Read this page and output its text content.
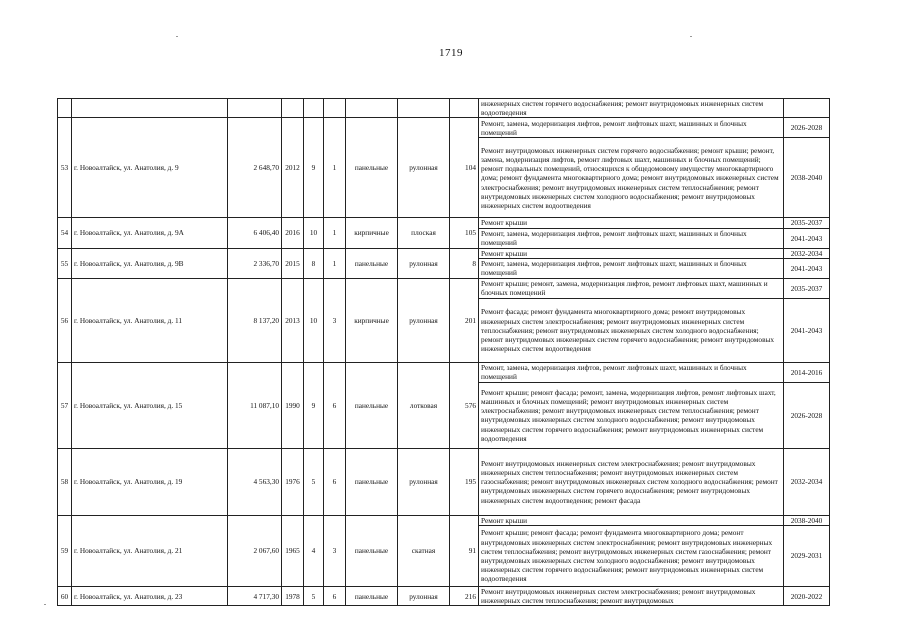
1719
									инженерных систем горячего водоснабжения; ремонт внутридомовых инженерных систем водоотведения	
53	г. Новоалтайск, ул. Анатолия, д. 9	2 648,70	2012	9	1	панельные	рулонная	104	Ремонт, замена, модернизация лифтов, ремонт лифтовых шахт, машинных и блочных помещений	2026-2028
									Ремонт внутридомовых инженерных систем горячего водоснабжения; ремонт крыши; ремонт, замена, модернизация лифтов, ремонт лифтовых шахт, машинных и блочных помещений; ремонт подвальных помещений, относящихся к общедомовому имуществу многоквартирного дома; ремонт фундамента многоквартирного дома; ремонт внутридомовых инженерных систем электроснабжения; ремонт внутридомовых инженерных систем теплоснабжения; ремонт внутридомовых инженерных систем холодного водоснабжения; ремонт внутридомовых инженерных систем водоотведения	2038-2040
54	г. Новоалтайск, ул. Анатолия, д. 9А	6 406,40	2016	10	1	кирпичные	плоская	105	Ремонт крыши	2035-2037
									Ремонт, замена, модернизация лифтов, ремонт лифтовых шахт, машинных и блочных помещений	2041-2043
55	г. Новоалтайск, ул. Анатолия, д. 9В	2 336,70	2015	8	1	панельные	рулонная	8	Ремонт крыши	2032-2034
									Ремонт, замена, модернизация лифтов, ремонт лифтовых шахт, машинных и блочных помещений	2041-2043
56	г. Новоалтайск, ул. Анатолия, д. 11	8 137,20	2013	10	3	кирпичные	рулонная	201	Ремонт крыши; ремонт, замена, модернизация лифтов, ремонт лифтовых шахт, машинных и блочных помещений	2035-2037
									Ремонт фасада; ремонт фундамента многоквартирного дома; ремонт внутридомовых инженерных систем электроснабжения; ремонт внутридомовых инженерных систем теплоснабжения; ремонт внутридомовых инженерных систем холодного водоснабжения; ремонт внутридомовых инженерных систем горячего водоснабжения; ремонт внутридомовых инженерных систем водоотведения	2041-2043
57	г. Новоалтайск, ул. Анатолия, д. 15	11 087,10	1990	9	6	панельные	лотковая	576	Ремонт, замена, модернизация лифтов, ремонт лифтовых шахт, машинных и блочных помещений	2014-2016
									Ремонт крыши; ремонт фасада; ремонт, замена, модернизация лифтов, ремонт лифтовых шахт, машинных и блочных помещений; ремонт внутридомовых инженерных систем электроснабжения; ремонт внутридомовых инженерных систем теплоснабжения; ремонт внутридомовых инженерных систем холодного водоснабжения; ремонт внутридомовых инженерных систем горячего водоснабжения; ремонт внутридомовых инженерных систем водоотведения	2026-2028
58	г. Новоалтайск, ул. Анатолия, д. 19	4 563,30	1976	5	6	панельные	рулонная	195	Ремонт внутридомовых инженерных систем электроснабжения; ремонт внутридомовых инженерных систем теплоснабжения; ремонт внутридомовых инженерных систем газоснабжения; ремонт внутридомовых инженерных систем холодного водоснабжения; ремонт внутридомовых инженерных систем горячего водоснабжения; ремонт внутридомовых инженерных систем водоотведения; ремонт фасада	2032-2034
59	г. Новоалтайск, ул. Анатолия, д. 21	2 067,60	1965	4	3	панельные	скатная	91	Ремонт крыши	2038-2040
									Ремонт крыши; ремонт фасада; ремонт фундамента многоквартирного дома; ремонт внутридомовых инженерных систем электроснабжения; ремонт внутридомовых инженерных систем теплоснабжения; ремонт внутридомовых инженерных систем газоснабжения; ремонт внутридомовых инженерных систем холодного водоснабжения; ремонт внутридомовых инженерных систем горячего водоснабжения; ремонт внутридомовых инженерных систем водоотведения	2029-2031
60	г. Новоалтайск, ул. Анатолия, д. 23	4 717,30	1978	5	6	панельные	рулонная	216	Ремонт внутридомовых инженерных систем электроснабжения; ремонт внутридомовых инженерных систем теплоснабжения; ремонт внутридомовых	2020-2022
